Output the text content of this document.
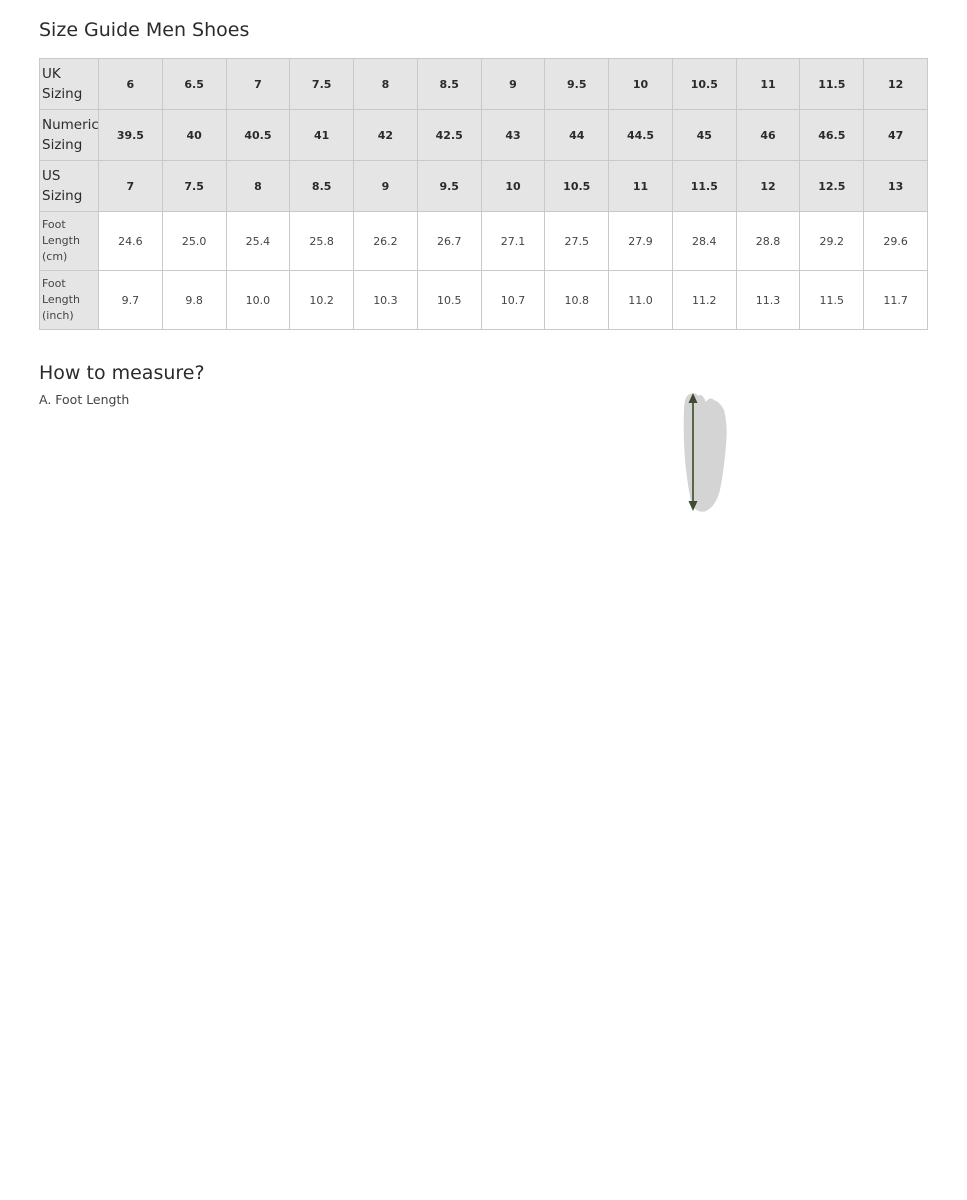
Size Guide Men Shoes
UK Sizing	6	6.5	7	7.5	8	8.5	9	9.5	10	10.5	11	11.5	12
Numeric Sizing	39.5	40	40.5	41	42	42.5	43	44	44.5	45	46	46.5	47
US Sizing	7	7.5	8	8.5	9	9.5	10	10.5	11	11.5	12	12.5	13
Foot Length (cm)	24.6	25.0	25.4	25.8	26.2	26.7	27.1	27.5	27.9	28.4	28.8	29.2	29.6
Foot Length (inch)	9.7	9.8	10.0	10.2	10.3	10.5	10.7	10.8	11.0	11.2	11.3	11.5	11.7
How to measure?
A. Foot Length
